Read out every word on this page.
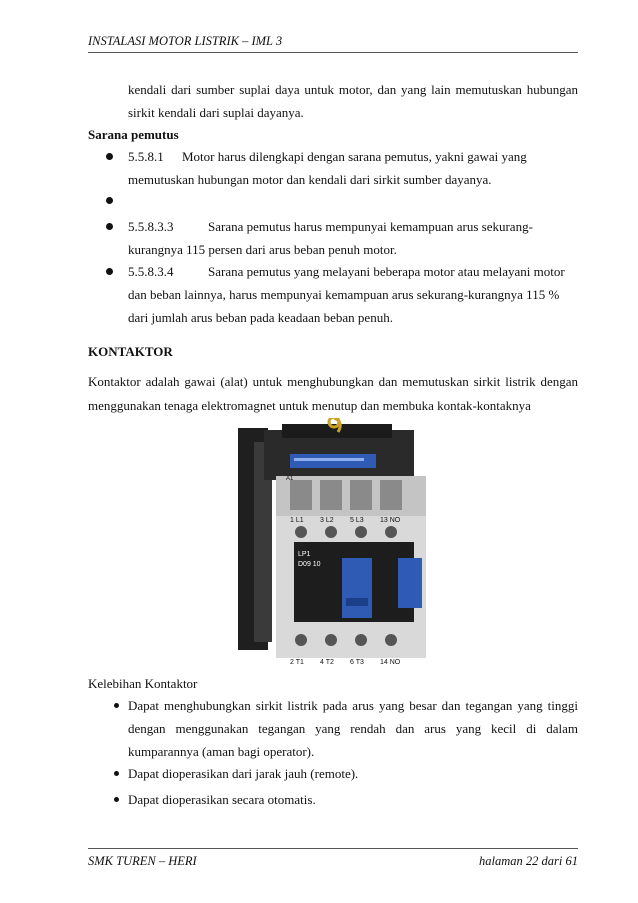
INSTALASI MOTOR LISTRIK – IML 3
kendali dari sumber suplai daya untuk motor, dan yang lain memutuskan hubungan
sirkit kendali dari suplai dayanya.
Sarana pemutus
5.5.8.1 Motor harus dilengkapi dengan sarana pemutus, yakni gawai yang
memutuskan hubungan motor dan kendali dari sirkit sumber dayanya.
5.5.8.3.3	Sarana pemutus harus mempunyai kemampuan arus sekurang-
kurangnya 115 persen dari arus beban penuh motor.
5.5.8.3.4	Sarana pemutus yang melayani beberapa motor atau melayani motor
dan beban lainnya, harus mempunyai kemampuan arus sekurang-kurangnya 115 %
dari jumlah arus beban pada keadaan beban penuh.
KONTAKTOR
Kontaktor adalah gawai (alat) untuk menghubungkan dan memutuskan sirkit listrik dengan
menggunakan tenaga elektromagnet untuk menutup dan membuka kontak-kontaknya
A1
1 L1 3 L2 5 L3 13 NO
LP1
D09 10
2 T1 4 T2 6 T3 14 NO
Kelebihan Kontaktor
Dapat menghubungkan sirkit listrik pada arus yang besar dan tegangan yang tinggi
dengan menggunakan tegangan yang rendah dan arus yang kecil di dalam
kumparannya (aman bagi operator).
Dapat dioperasikan dari jarak jauh (remote).
Dapat dioperasikan secara otomatis.
SMK TUREN – HERI	halaman 22 dari 61
